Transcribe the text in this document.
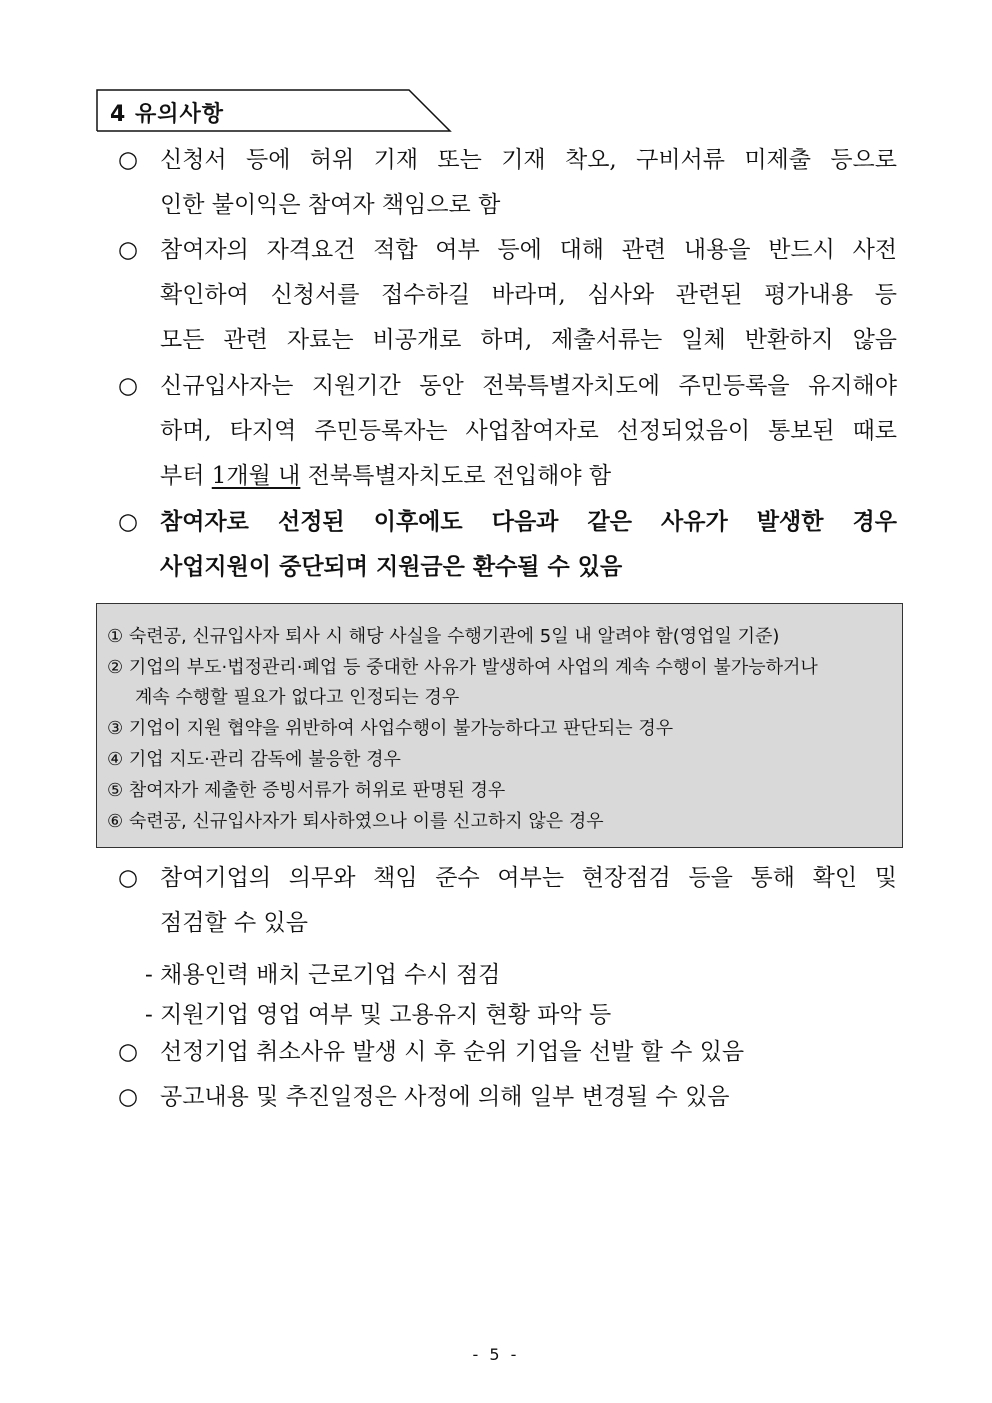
4 유의사항
○ 신청서 등에 허위 기재 또는 기재 착오, 구비서류 미제출 등으로
인한 불이익은 참여자 책임으로 함
○ 참여자의 자격요건 적합 여부 등에 대해 관련 내용을 반드시 사전
확인하여 신청서를 접수하길 바라며, 심사와 관련된 평가내용 등
모든 관련 자료는 비공개로 하며, 제출서류는 일체 반환하지 않음
○ 신규입사자는 지원기간 동안 전북특별자치도에 주민등록을 유지해야
하며, 타지역 주민등록자는 사업참여자로 선정되었음이 통보된 때로
부터 1개월 내 전북특별자치도로 전입해야 함
○ 참여자로 선정된 이후에도 다음과 같은 사유가 발생한 경우
사업지원이 중단되며 지원금은 환수될 수 있음
① 숙련공, 신규입사자 퇴사 시 해당 사실을 수행기관에 5일 내 알려야 함(영업일 기준)
② 기업의 부도·법정관리·폐업 등 중대한 사유가 발생하여 사업의 계속 수행이 불가능하거나
계속 수행할 필요가 없다고 인정되는 경우
③ 기업이 지원 협약을 위반하여 사업수행이 불가능하다고 판단되는 경우
④ 기업 지도·관리 감독에 불응한 경우
⑤ 참여자가 제출한 증빙서류가 허위로 판명된 경우
⑥ 숙련공, 신규입사자가 퇴사하였으나 이를 신고하지 않은 경우
○ 참여기업의 의무와 책임 준수 여부는 현장점검 등을 통해 확인 및
점검할 수 있음
- 채용인력 배치 근로기업 수시 점검
- 지원기업 영업 여부 및 고용유지 현황 파악 등
○ 선정기업 취소사유 발생 시 후 순위 기업을 선발 할 수 있음
○ 공고내용 및 추진일정은 사정에 의해 일부 변경될 수 있음
- 5 -
